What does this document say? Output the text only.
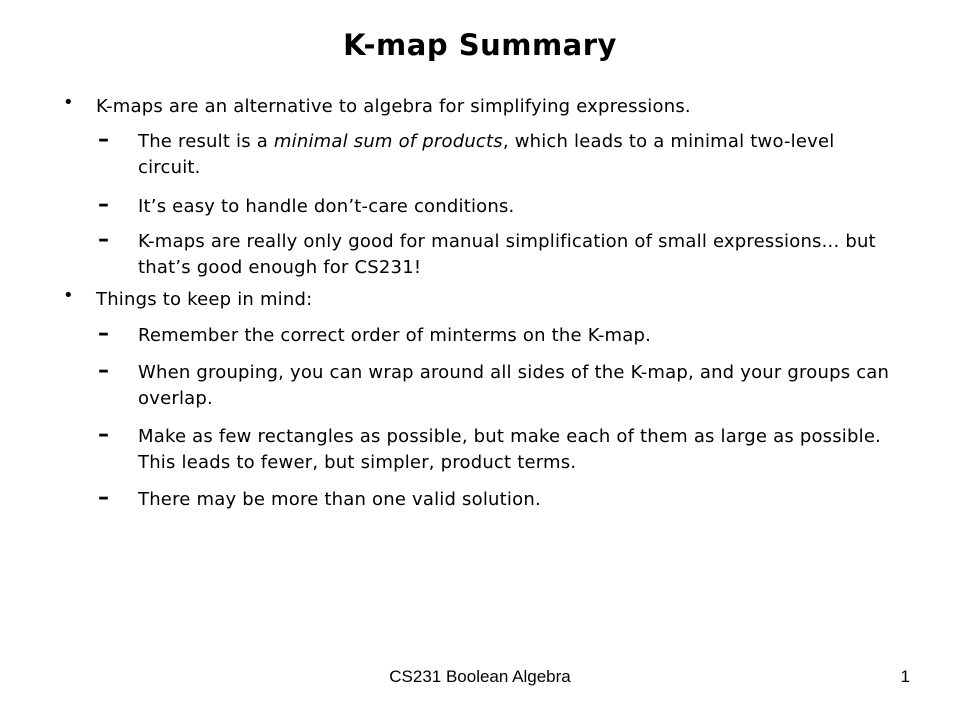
K-map Summary
• K-maps are an alternative to algebra for simplifying expressions.
– The result is a minimal sum of products, which leads to a minimal two-level circuit.
– It’s easy to handle don’t-care conditions.
– K-maps are really only good for manual simplification of small expressions... but that’s good enough for CS231!
• Things to keep in mind:
– Remember the correct order of minterms on the K-map.
– When grouping, you can wrap around all sides of the K-map, and your groups can overlap.
– Make as few rectangles as possible, but make each of them as large as possible. This leads to fewer, but simpler, product terms.
– There may be more than one valid solution.
CS231 Boolean Algebra	1
